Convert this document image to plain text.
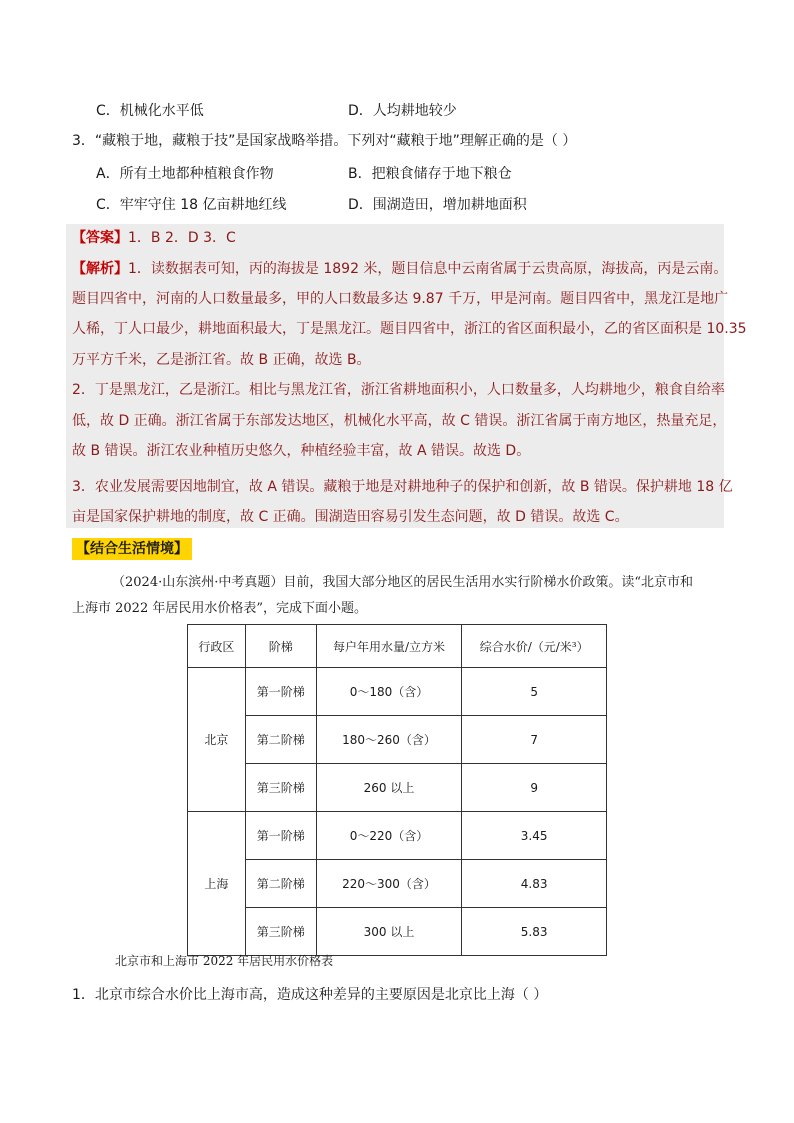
C．机械化水平低	D．人均耕地较少
3．“藏粮于地，藏粮于技”是国家战略举措。下列对“藏粮于地”理解正确的是（ ）
A．所有土地都种植粮食作物	B．把粮食储存于地下粮仓
C．牢牢守住 18 亿亩耕地红线	D．围湖造田，增加耕地面积
【答案】1．B 2．D 3．C
【解析】1．读数据表可知，丙的海拔是 1892 米，题目信息中云南省属于云贵高原，海拔高，丙是云南。
题目四省中，河南的人口数量最多，甲的人口数最多达 9.87 千万，甲是河南。题目四省中，黑龙江是地广
人稀，丁人口最少，耕地面积最大，丁是黑龙江。题目四省中，浙江的省区面积最小，乙的省区面积是 10.35
万平方千米，乙是浙江省。故 B 正确，故选 B。
2．丁是黑龙江，乙是浙江。相比与黑龙江省，浙江省耕地面积小，人口数量多，人均耕地少，粮食自给率
低，故 D 正确。浙江省属于东部发达地区，机械化水平高，故 C 错误。浙江省属于南方地区，热量充足，
故 B 错误。浙江农业种植历史悠久，种植经验丰富，故 A 错误。故选 D。
3．农业发展需要因地制宜，故 A 错误。藏粮于地是对耕地种子的保护和创新，故 B 错误。保护耕地 18 亿
亩是国家保护耕地的制度，故 C 正确。围湖造田容易引发生态问题，故 D 错误。故选 C。
【结合生活情境】
（2024·山东滨州·中考真题）目前，我国大部分地区的居民生活用水实行阶梯水价政策。读“北京市和
上海市 2022 年居民用水价格表”，完成下面小题。
行政区	阶梯	每户年用水量/立方米	综合水价/（元/米³）
北京	第一阶梯	0～180（含）	5
	第二阶梯	180～260（含）	7
	第三阶梯	260 以上	9
上海	第一阶梯	0～220（含）	3.45
	第二阶梯	220～300（含）	4.83
	第三阶梯	300 以上	5.83
北京市和上海市 2022 年居民用水价格表
1．北京市综合水价比上海市高，造成这种差异的主要原因是北京比上海（ ）
